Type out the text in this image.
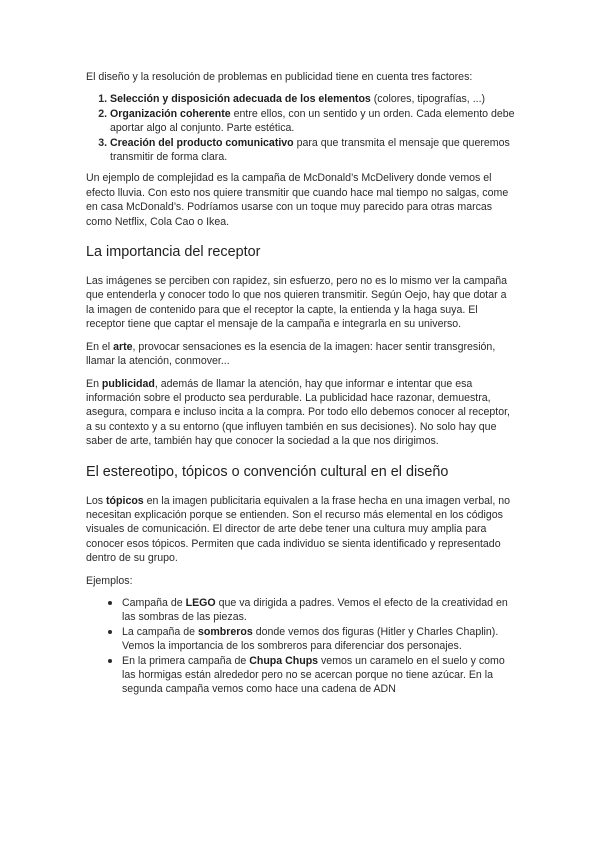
El diseño y la resolución de problemas en publicidad tiene en cuenta tres factores:

1. Selección y disposición adecuada de los elementos (colores, tipografías, ...)
2. Organización coherente entre ellos, con un sentido y un orden. Cada elemento debe aportar algo al conjunto. Parte estética.
3. Creación del producto comunicativo para que transmita el mensaje que queremos transmitir de forma clara.

Un ejemplo de complejidad es la campaña de McDonald’s McDelivery donde vemos el efecto lluvia. Con esto nos quiere transmitir que cuando hace mal tiempo no salgas, come en casa McDonald’s. Podríamos usarse con un toque muy parecido para otras marcas como Netflix, Cola Cao o Ikea.

La importancia del receptor

Las imágenes se perciben con rapidez, sin esfuerzo, pero no es lo mismo ver la campaña que entenderla y conocer todo lo que nos quieren transmitir. Según Oejo, hay que dotar a la imagen de contenido para que el receptor la capte, la entienda y la haga suya. El receptor tiene que captar el mensaje de la campaña e integrarla en su universo.

En el arte, provocar sensaciones es la esencia de la imagen: hacer sentir transgresión, llamar la atención, conmover...

En publicidad, además de llamar la atención, hay que informar e intentar que esa información sobre el producto sea perdurable. La publicidad hace razonar, demuestra, asegura, compara e incluso incita a la compra. Por todo ello debemos conocer al receptor, a su contexto y a su entorno (que influyen también en sus decisiones). No solo hay que saber de arte, también hay que conocer la sociedad a la que nos dirigimos.

El estereotipo, tópicos o convención cultural en el diseño

Los tópicos en la imagen publicitaria equivalen a la frase hecha en una imagen verbal, no necesitan explicación porque se entienden. Son el recurso más elemental en los códigos visuales de comunicación. El director de arte debe tener una cultura muy amplia para conocer esos tópicos. Permiten que cada individuo se sienta identificado y representado dentro de su grupo.

Ejemplos:

Campaña de LEGO que va dirigida a padres. Vemos el efecto de la creatividad en las sombras de las piezas.
La campaña de sombreros donde vemos dos figuras (Hitler y Charles Chaplin). Vemos la importancia de los sombreros para diferenciar dos personajes.
En la primera campaña de Chupa Chups vemos un caramelo en el suelo y como las hormigas están alrededor pero no se acercan porque no tiene azúcar. En la segunda campaña vemos como hace una cadena de ADN
